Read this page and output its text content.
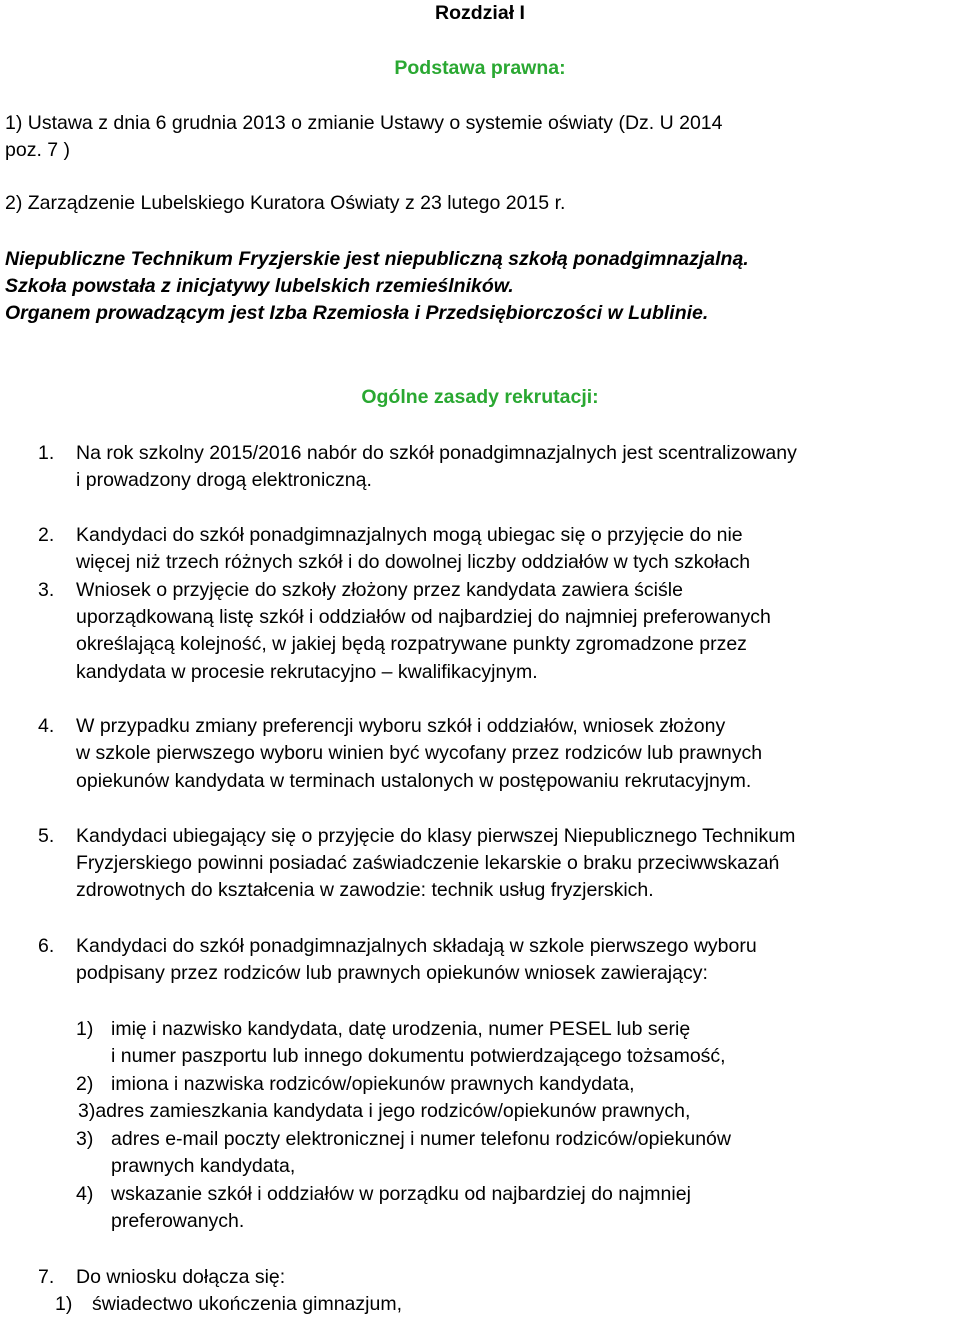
Rozdział I
Podstawa prawna:
1) Ustawa z dnia 6 grudnia 2013 o zmianie Ustawy o systemie oświaty (Dz. U 2014
poz. 7 )
2) Zarządzenie Lubelskiego Kuratora Oświaty z 23 lutego 2015 r.
Niepubliczne Technikum Fryzjerskie jest niepubliczną szkołą ponadgimnazjalną.
Szkoła powstała z inicjatywy lubelskich rzemieślników.
Organem prowadzącym jest Izba Rzemiosła i Przedsiębiorczości w Lublinie.
Ogólne zasady rekrutacji:
1. Na rok szkolny 2015/2016 nabór do szkół ponadgimnazjalnych jest scentralizowany
i prowadzony drogą elektroniczną.
2. Kandydaci do szkół ponadgimnazjalnych mogą ubiegac się o przyjęcie do nie
więcej niż trzech różnych szkół i do dowolnej liczby oddziałów w tych szkołach
3. Wniosek o przyjęcie do szkoły złożony przez kandydata zawiera ściśle
uporządkowaną listę szkół i oddziałów od najbardziej do najmniej preferowanych
określającą kolejność, w jakiej będą rozpatrywane punkty zgromadzone przez
kandydata w procesie rekrutacyjno – kwalifikacyjnym.
4. W przypadku zmiany preferencji wyboru szkół i oddziałów, wniosek złożony
w szkole pierwszego wyboru winien być wycofany przez rodziców lub prawnych
opiekunów kandydata w terminach ustalonych w postępowaniu rekrutacyjnym.
5. Kandydaci ubiegający się o przyjęcie do klasy pierwszej Niepublicznego Technikum
Fryzjerskiego powinni posiadać zaświadczenie lekarskie o braku przeciwwskazań
zdrowotnych do kształcenia w zawodzie: technik usług fryzjerskich.
6. Kandydaci do szkół ponadgimnazjalnych składają w szkole pierwszego wyboru
podpisany przez rodziców lub prawnych opiekunów wniosek zawierający:
1) imię i nazwisko kandydata, datę urodzenia, numer PESEL lub serię
i numer paszportu lub innego dokumentu potwierdzającego tożsamość,
2) imiona i nazwiska rodziców/opiekunów prawnych kandydata,
3)adres zamieszkania kandydata i jego rodziców/opiekunów prawnych,
3) adres e-mail poczty elektronicznej i numer telefonu rodziców/opiekunów
prawnych kandydata,
4) wskazanie szkół i oddziałów w porządku od najbardziej do najmniej
preferowanych.
7. Do wniosku dołącza się:
1) świadectwo ukończenia gimnazjum,
